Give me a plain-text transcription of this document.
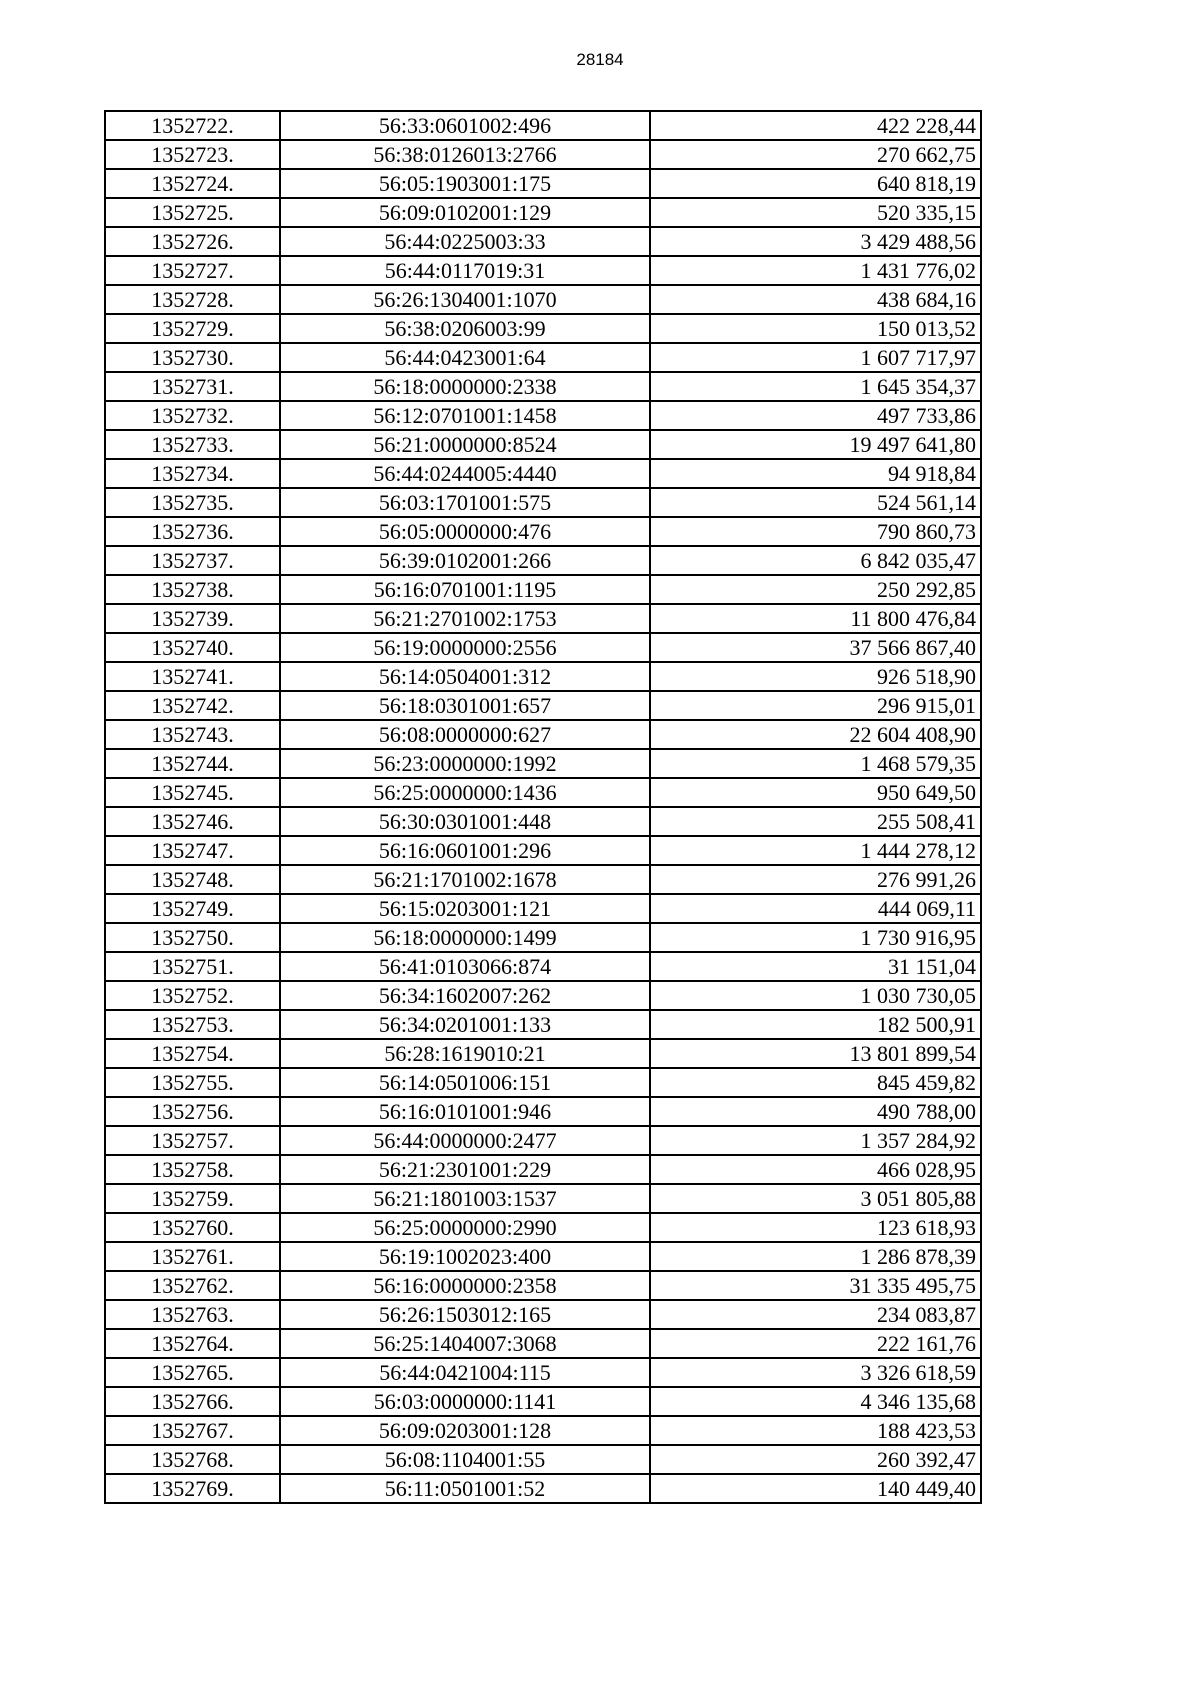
28184
1352722.	56:33:0601002:496	422 228,44
1352723.	56:38:0126013:2766	270 662,75
1352724.	56:05:1903001:175	640 818,19
1352725.	56:09:0102001:129	520 335,15
1352726.	56:44:0225003:33	3 429 488,56
1352727.	56:44:0117019:31	1 431 776,02
1352728.	56:26:1304001:1070	438 684,16
1352729.	56:38:0206003:99	150 013,52
1352730.	56:44:0423001:64	1 607 717,97
1352731.	56:18:0000000:2338	1 645 354,37
1352732.	56:12:0701001:1458	497 733,86
1352733.	56:21:0000000:8524	19 497 641,80
1352734.	56:44:0244005:4440	94 918,84
1352735.	56:03:1701001:575	524 561,14
1352736.	56:05:0000000:476	790 860,73
1352737.	56:39:0102001:266	6 842 035,47
1352738.	56:16:0701001:1195	250 292,85
1352739.	56:21:2701002:1753	11 800 476,84
1352740.	56:19:0000000:2556	37 566 867,40
1352741.	56:14:0504001:312	926 518,90
1352742.	56:18:0301001:657	296 915,01
1352743.	56:08:0000000:627	22 604 408,90
1352744.	56:23:0000000:1992	1 468 579,35
1352745.	56:25:0000000:1436	950 649,50
1352746.	56:30:0301001:448	255 508,41
1352747.	56:16:0601001:296	1 444 278,12
1352748.	56:21:1701002:1678	276 991,26
1352749.	56:15:0203001:121	444 069,11
1352750.	56:18:0000000:1499	1 730 916,95
1352751.	56:41:0103066:874	31 151,04
1352752.	56:34:1602007:262	1 030 730,05
1352753.	56:34:0201001:133	182 500,91
1352754.	56:28:1619010:21	13 801 899,54
1352755.	56:14:0501006:151	845 459,82
1352756.	56:16:0101001:946	490 788,00
1352757.	56:44:0000000:2477	1 357 284,92
1352758.	56:21:2301001:229	466 028,95
1352759.	56:21:1801003:1537	3 051 805,88
1352760.	56:25:0000000:2990	123 618,93
1352761.	56:19:1002023:400	1 286 878,39
1352762.	56:16:0000000:2358	31 335 495,75
1352763.	56:26:1503012:165	234 083,87
1352764.	56:25:1404007:3068	222 161,76
1352765.	56:44:0421004:115	3 326 618,59
1352766.	56:03:0000000:1141	4 346 135,68
1352767.	56:09:0203001:128	188 423,53
1352768.	56:08:1104001:55	260 392,47
1352769.	56:11:0501001:52	140 449,40
